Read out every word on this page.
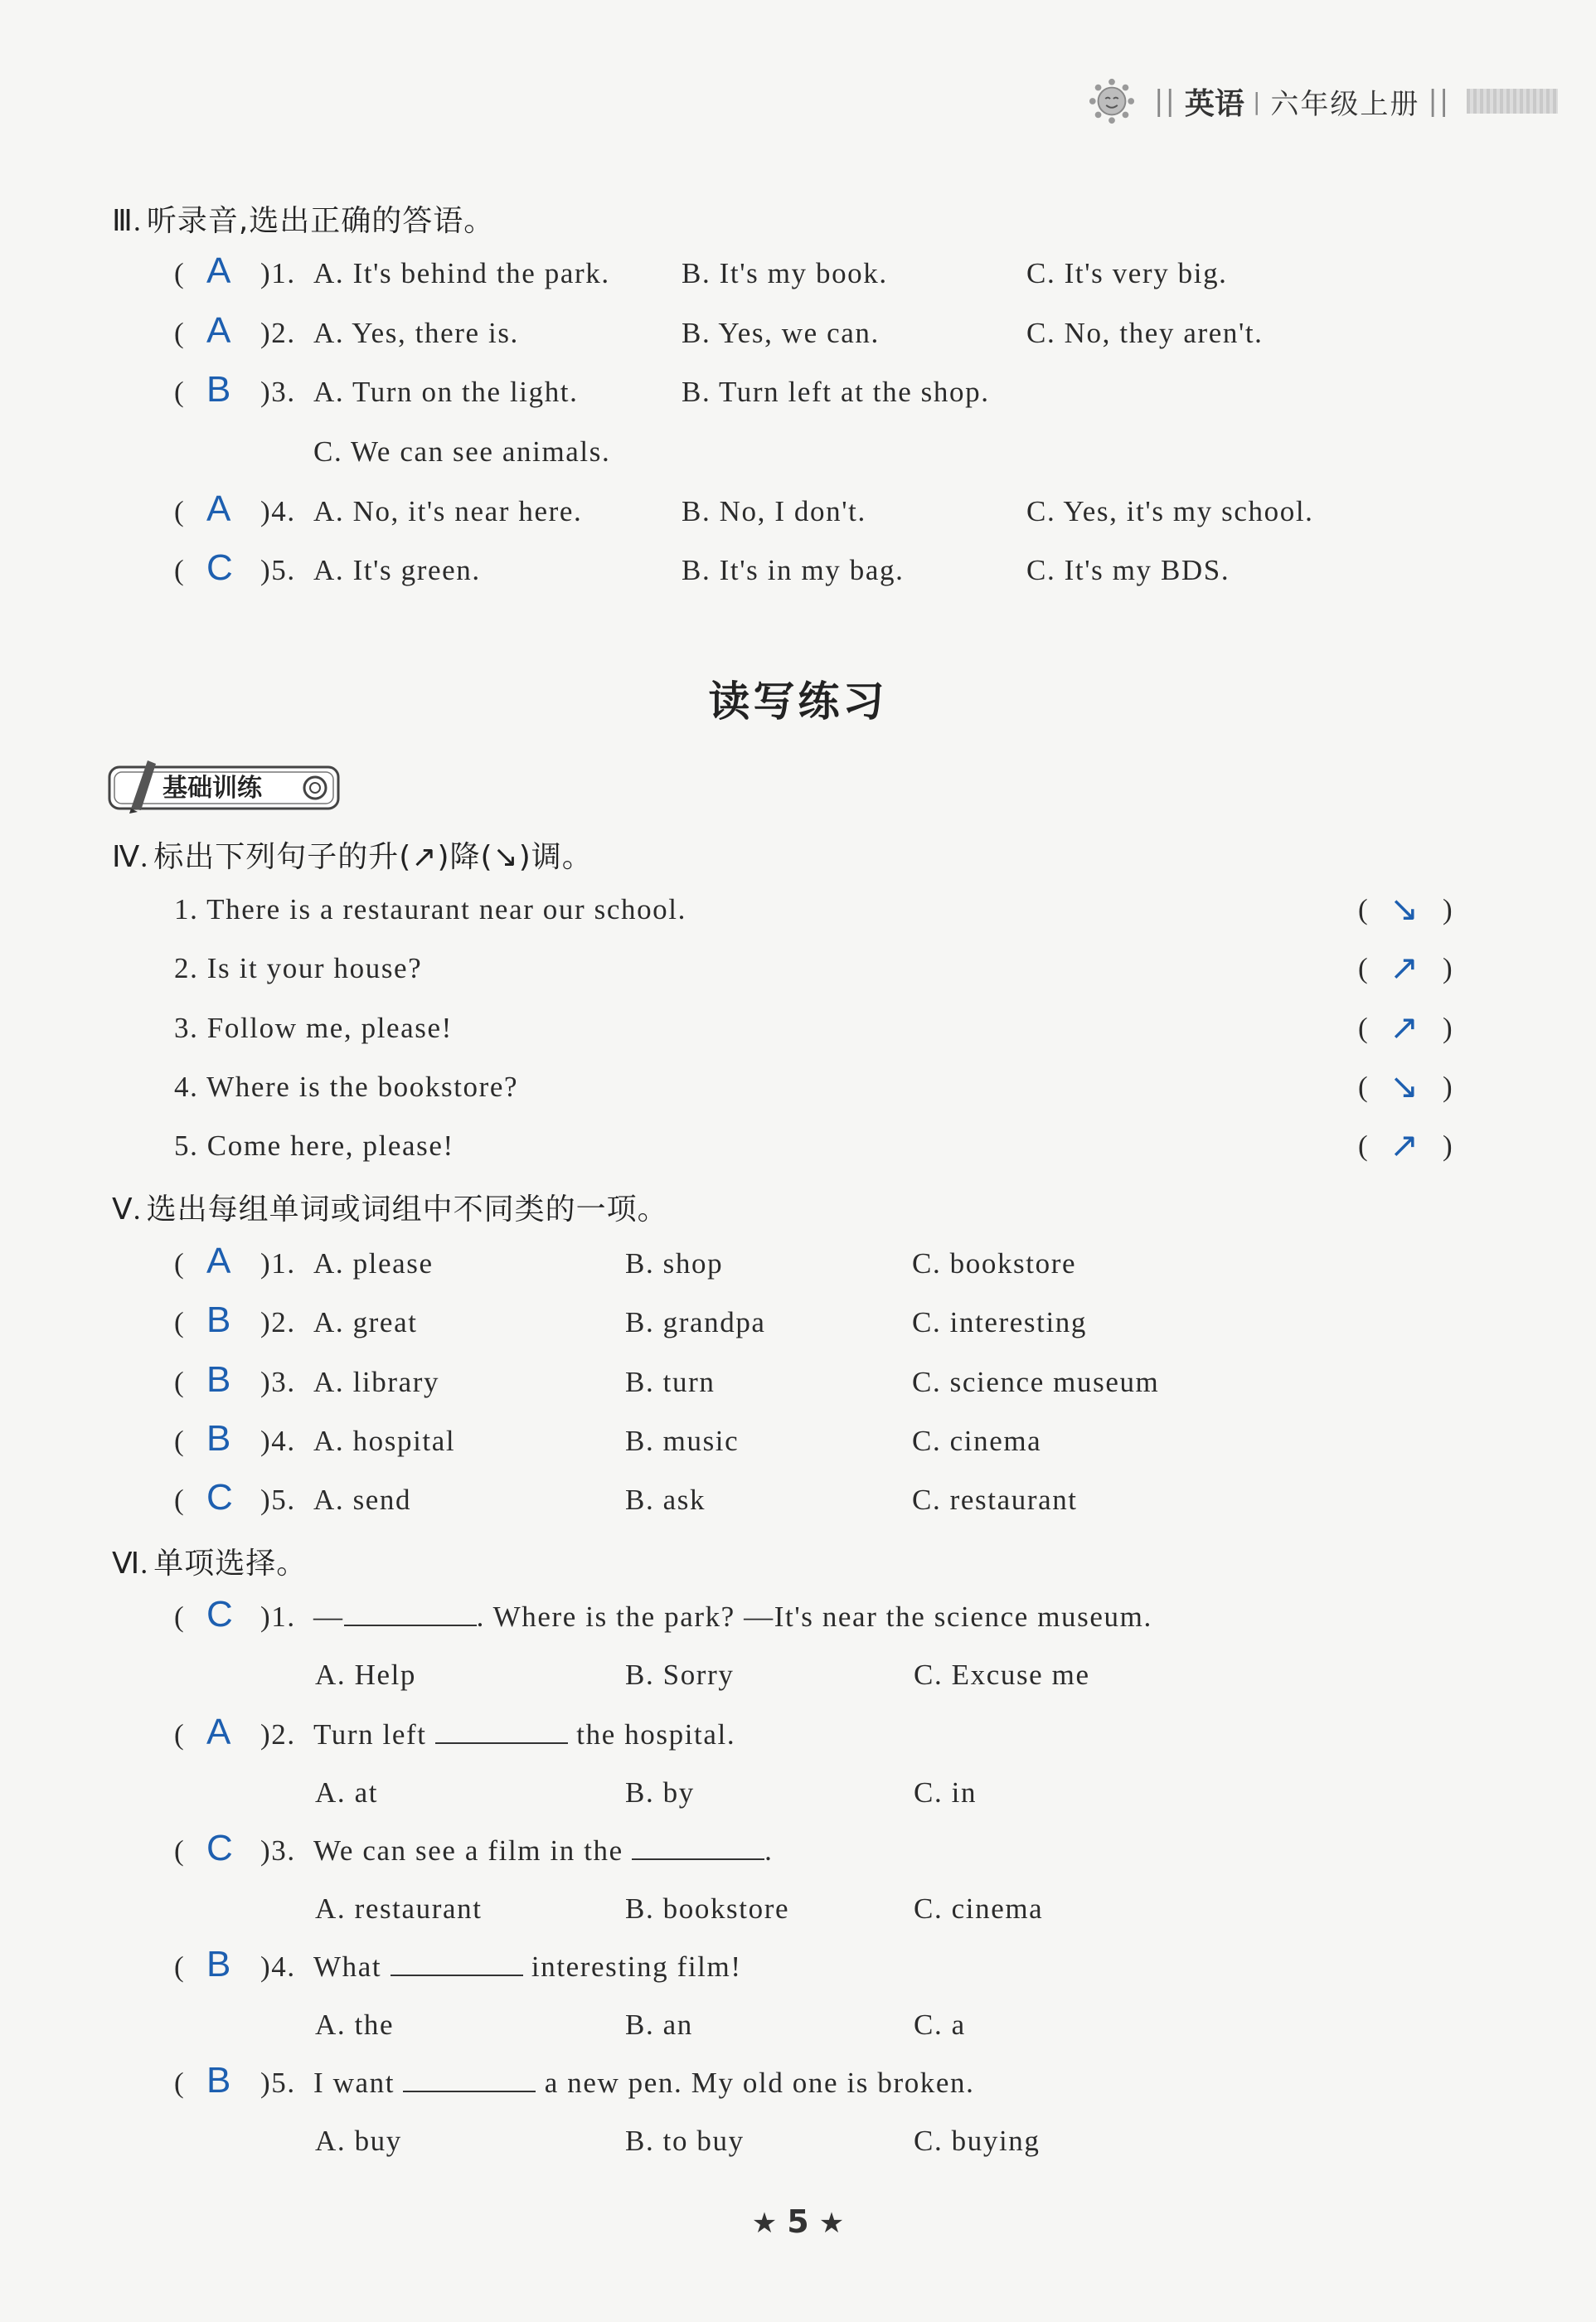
|| 英语 | 六年级上册 ||
Ⅲ. 听录音,选出正确的答语。
( A )1. A. It's behind the park. B. It's my book.	C. It's very big.
( A )2. A. Yes, there is.	B. Yes, we can.	C. No, they aren't.
( B )3. A. Turn on the light.	B. Turn left at the shop.
C. We can see animals.
( A )4. A. No, it's near here.	B. No, I don't.	C. Yes, it's my school.
( C )5. A. It's green.	B. It's in my bag.	C. It's my BDS.
读写练习
基础训练
Ⅳ. 标出下列句子的升(↗)降(↘)调。
1. There is a restaurant near our school.	( ↘ )
2. Is it your house?	( ↗ )
3. Follow me, please!	( ↗ )
4. Where is the bookstore?	( ↘ )
5. Come here, please!	( ↗ )
Ⅴ. 选出每组单词或词组中不同类的一项。
( A )1. A. please	B. shop	C. bookstore
( B )2. A. great	B. grandpa	C. interesting
( B )3. A. library	B. turn	C. science museum
( B )4. A. hospital	B. music	C. cinema
( C )5. A. send	B. ask	C. restaurant
Ⅵ. 单项选择。
( C )1. —	. Where is the park? —It's near the science museum.
A. Help	B. Sorry	C. Excuse me
( A )2. Turn left	the hospital.
A. at	B. by	C. in
( C )3. We can see a film in the	.
A. restaurant	B. bookstore	C. cinema
( B )4. What	interesting film!
A. the	B. an	C. a
( B )5. I want	a new pen. My old one is broken.
A. buy	B. to buy	C. buying
★ 5 ★
